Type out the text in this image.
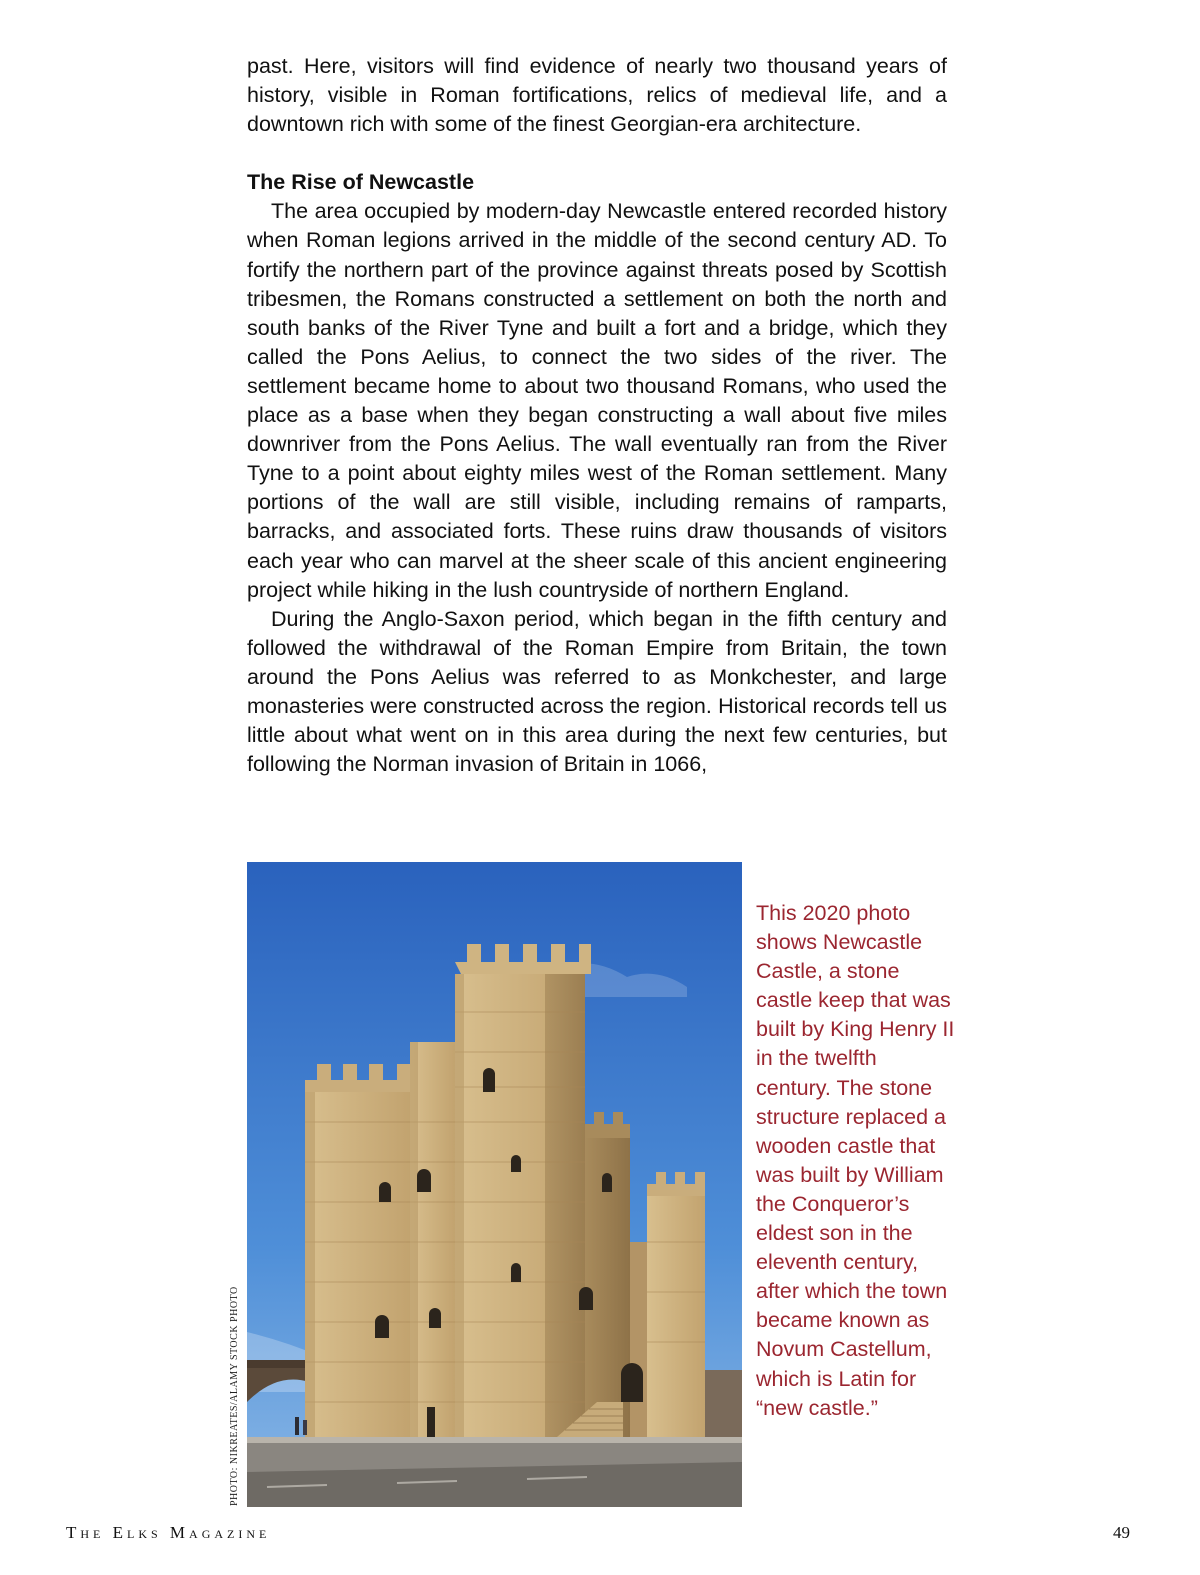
past. Here, visitors will find evidence of nearly two thousand years of history, visible in Roman fortifications, relics of medieval life, and a downtown rich with some of the finest Georgian-era architecture.

The Rise of Newcastle

The area occupied by modern-day Newcastle entered recorded history when Roman legions arrived in the middle of the second century AD. To fortify the northern part of the province against threats posed by Scottish tribesmen, the Romans constructed a settlement on both the north and south banks of the River Tyne and built a fort and a bridge, which they called the Pons Aelius, to connect the two sides of the river. The settlement became home to about two thousand Romans, who used the place as a base when they began constructing a wall about five miles downriver from the Pons Aelius. The wall eventually ran from the River Tyne to a point about eighty miles west of the Roman settlement. Many portions of the wall are still visible, including remains of ramparts, barracks, and associated forts. These ruins draw thousands of visitors each year who can marvel at the sheer scale of this ancient engineering project while hiking in the lush countryside of northern England.

During the Anglo-Saxon period, which began in the fifth century and followed the withdrawal of the Roman Empire from Britain, the town around the Pons Aelius was referred to as Monkchester, and large monasteries were constructed across the region. Historical records tell us little about what went on in this area during the next few centuries, but following the Norman invasion of Britain in 1066,

PHOTO: NIKREATES/ALAMY STOCK PHOTO
This 2020 photo shows Newcastle Castle, a stone castle keep that was built by King Henry II in the twelfth century. The stone structure replaced a wooden castle that was built by William the Conqueror’s eldest son in the eleventh century, after which the town became known as Novum Castellum, which is Latin for “new castle.”
The Elks Magazine	49
